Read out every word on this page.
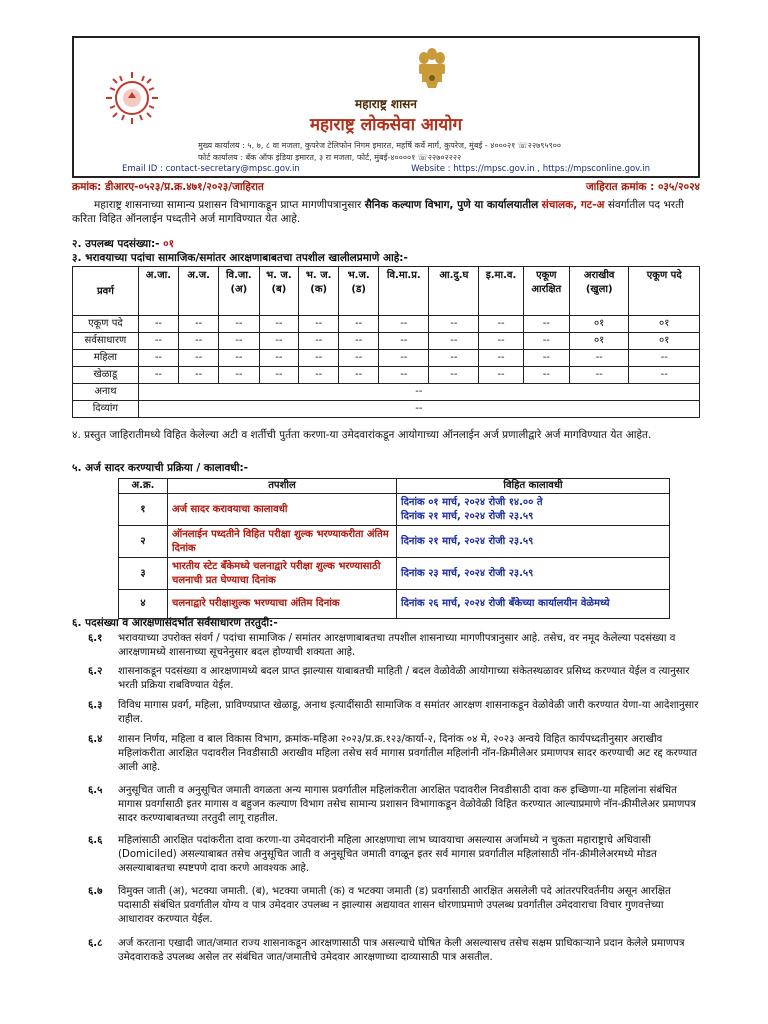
महाराष्ट्र शासन
महाराष्ट्र लोकसेवा आयोग
मुख्य कार्यालय : ५, ७, ८ वा मजला, कुपरेज टेलिफोन निगम इमारत, महर्षि कर्वे मार्ग, कुपरेज, मुंबई - ४०००२१ ☏२२७९५९००
फोर्ट कार्यालय : बँक ऑफ इंडिया इमारत, ३ रा मजला, फोर्ट, मुंबई-४००००१ ☏२२७०२२२२
Email ID : contact-secretary@mpsc.gov.in	Website : https://mpsc.gov.in , https://mpsconline.gov.in
क्रमांक: डीआरए-०५२३/प्र.क्र.४७१/२०२३/जाहिरात	जाहिरात क्रमांक : ०३५/२०२४
महाराष्ट्र शासनाच्या सामान्य प्रशासन विभागाकडून प्राप्त मागणीपत्रानुसार सैनिक कल्याण विभाग, पुणे या कार्यालयातील संचालक, गट-अ संवर्गातील पद भरती करिता विहित ऑनलाईन पध्दतीने अर्ज मागविण्यात येत आहे.
२. उपलब्ध पदसंख्या:- ०१
३. भरावयाच्या पदांचा सामाजिक/समांतर आरक्षणाबाबतचा तपशील खालीलप्रमाणे आहे:-
प्रवर्ग	अ.जा.	अ.ज.	वि.जा. (अ)	भ. ज. (ब)	भ. ज. (क)	भ.ज. (ड)	वि.मा.प्र.	आ.दु.घ	इ.मा.व.	एकूण आरक्षित	अराखीव (खुला)	एकूण पदे
एकूण पदे	--	--	--	--	--	--	--	--	--	--	०१	०१
सर्वसाधारण	--	--	--	--	--	--	--	--	--	--	०१	०१
महिला	--	--	--	--	--	--	--	--	--	--	--	--
खेळाडू	--	--	--	--	--	--	--	--	--	--	--	--
अनाथ	--											
दिव्यांग	--											
४. प्रस्तुत जाहिरातीमध्ये विहित केलेल्या अटी व शर्तीची पुर्तता करणा-या उमेदवारांकडून आयोगाच्या ऑनलाईन अर्ज प्रणालीद्वारे अर्ज मागविण्यात येत आहेत.
५. अर्ज सादर करण्याची प्रक्रिया / कालावधी:-
अ.क्र.	तपशील	विहित कालावधी
१	अर्ज सादर करावयाचा कालावधी	दिनांक ०१ मार्च, २०२४ रोजी १४.०० ते
दिनांक २१ मार्च, २०२४ रोजी २३.५९

२	ऑनलाईन पध्दतीने विहित परीक्षा शुल्क भरण्याकरीता अंतिम दिनांक	दिनांक २१ मार्च, २०२४ रोजी २३.५९

३	भारतीय स्टेट बँकेमध्ये चलनाद्वारे परीक्षा शुल्क भरण्यासाठी चलनाची प्रत घेण्याचा दिनांक	दिनांक २३ मार्च, २०२४ रोजी २३.५९

४	चलनाद्वारे परीक्षाशुल्क भरण्याचा अंतिम दिनांक	दिनांक २६ मार्च, २०२४ रोजी बँकेच्या कार्यालयीन वेळेमध्ये
६. पदसंख्या व आरक्षणासंदर्भात सर्वसाधारण तरतुदी:-
६.१ भरावयाच्या उपरोक्त संवर्ग / पदांचा सामाजिक / समांतर आरक्षणाबाबतचा तपशील शासनाच्या मागणीपत्रानुसार आहे. तसेच, वर नमूद केलेल्या पदसंख्या व आरक्षणामध्ये शासनाच्या सूचनेनुसार बदल होण्याची शक्यता आहे.
६.२ शासनाकडून पदसंख्या व आरक्षणामध्ये बदल प्राप्त झाल्यास याबाबतची माहिती / बदल वेळोवेळी आयोगाच्या संकेतस्थळावर प्रसिध्द करण्यात येईल व त्यानुसार भरती प्रक्रिया राबविण्यात येईल.
६.३ विविध मागास प्रवर्ग, महिला, प्राविण्यप्राप्त खेळाडू, अनाथ इत्यादींसाठी सामाजिक व समांतर आरक्षण शासनाकडून वेळोवेळी जारी करण्यात येणा-या आदेशानुसार राहील.
६.४ शासन निर्णय, महिला व बाल विकास विभाग, क्रमांक-महिआ २०२३/प्र.क्र.१२३/कार्या-२, दिनांक ०४ मे, २०२३ अन्वये विहित कार्यपध्दतीनुसार अराखीव महिलांकरीता आरक्षित पदावरील निवडीसाठी अराखीव महिला तसेच सर्व मागास प्रवर्गातील महिलांनी नॉन-क्रिमीलेअर प्रमाणपत्र सादर करण्याची अट रद्द करण्यात आली आहे.
६.५ अनुसूचित जाती व अनुसूचित जमाती वगळता अन्य मागास प्रवर्गातील महिलांकरीता आरक्षित पदावरील निवडीसाठी दावा करु इच्छिणा-या महिलांना संबंधित मागास प्रवर्गासाठी इतर मागास व बहुजन कल्याण विभाग तसेच सामान्य प्रशासन विभागाकडून वेळोवेळी विहित करण्यात आल्याप्रमाणे नॉन-क्रीमीलेअर प्रमाणपत्र सादर करण्याबाबतच्या तरतुदी लागू राहतील.
६.६ महिलांसाठी आरक्षित पदांकरीता दावा करणा-या उमेदवारांनी महिला आरक्षणाचा लाभ घ्यावयाचा असल्यास अर्जामध्ये न चुकता महाराष्ट्राचे अधिवासी (Domiciled) असल्याबाबत तसेच अनुसूचित जाती व अनुसूचित जमाती वगळून इतर सर्व मागास प्रवर्गातील महिलांसाठी नॉन-क्रीमीलेअरमध्ये मोडत असल्याबाबतचा स्पष्टपणे दावा करणे आवश्यक आहे.
६.७ विमुक्त जाती (अ), भटक्या जमाती. (ब), भटक्या जमाती (क) व भटक्या जमाती (ड) प्रवर्गासाठी आरक्षित असलेली पदे आंतरपरिवर्तनीय असून आरक्षित पदासाठी संबंधित प्रवर्गातील योग्य व पात्र उमेदवार उपलब्ध न झाल्यास अद्ययावत शासन धोरणाप्रमाणे उपलब्ध प्रवर्गातील उमेदवाराचा विचार गुणवत्तेच्या आधारावर करण्यात येईल.
६.८ अर्ज करताना एखादी जात/जमात राज्य शासनाकडून आरक्षणासाठी पात्र असल्याचे घोषित केली असल्यासच तसेच सक्षम प्राधिकाऱ्याने प्रदान केलेले प्रमाणपत्र उमेदवाराकडे उपलब्ध असेल तर संबंधित जात/जमातीचे उमेदवार आरक्षणाच्या दाव्यासाठी पात्र असतील.
